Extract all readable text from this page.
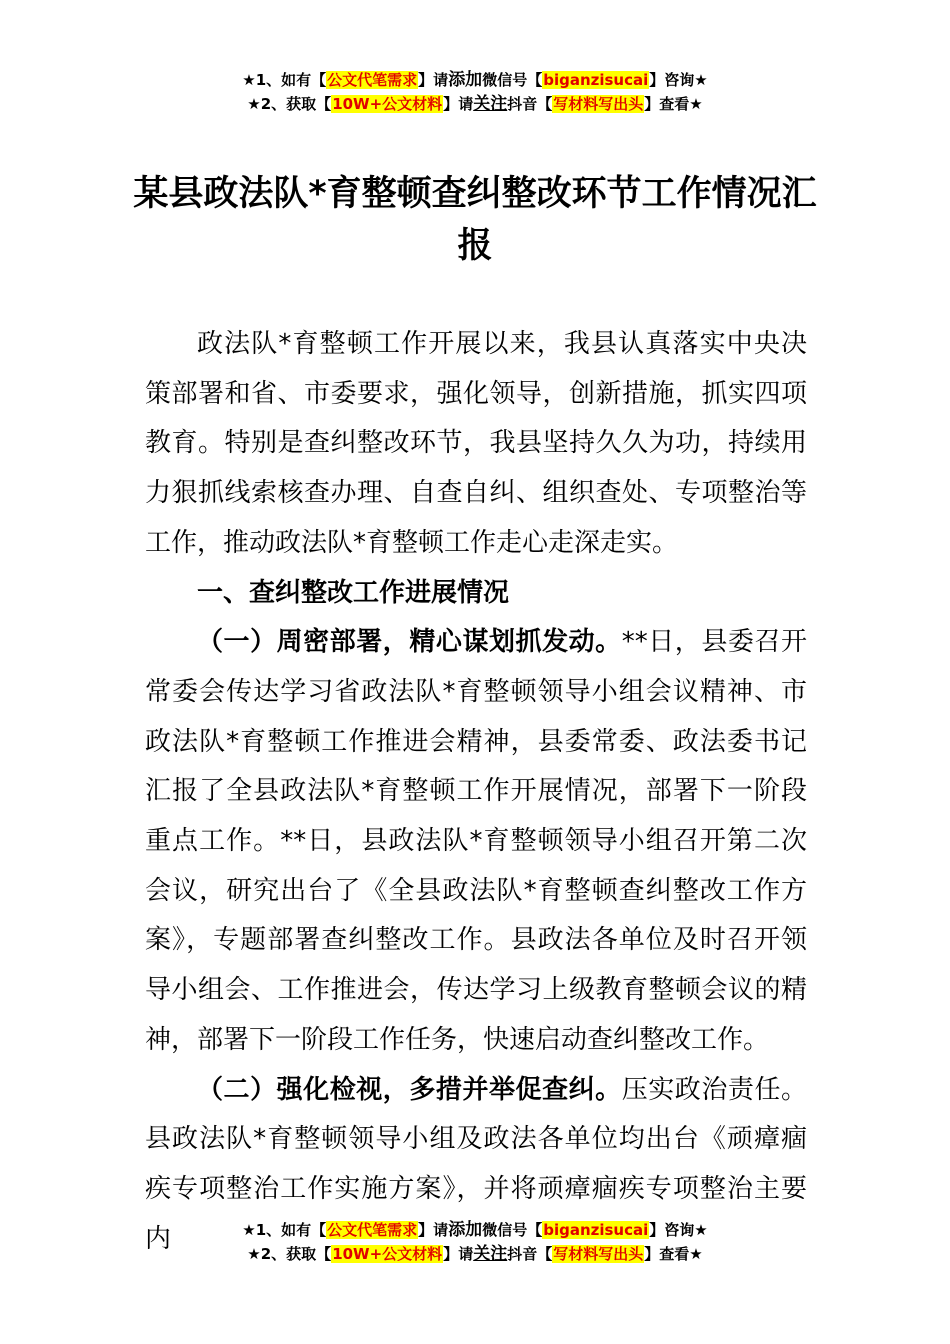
★1、如有【公文代笔需求】请添加微信号【biganzisucai】咨询★
★2、获取【10W+公文材料】请关注抖音【写材料写出头】查看★
某县政法队*育整顿查纠整改环节工作情况汇报

政法队*育整顿工作开展以来，我县认真落实中央决策部署和省、市委要求，强化领导，创新措施，抓实四项教育。特别是查纠整改环节，我县坚持久久为功，持续用力狠抓线索核查办理、自查自纠、组织查处、专项整治等工作，推动政法队*育整顿工作走心走深走实。

一、查纠整改工作进展情况

（一）周密部署，精心谋划抓发动。**日，县委召开常委会传达学习省政法队*育整顿领导小组会议精神、市政法队*育整顿工作推进会精神，县委常委、政法委书记汇报了全县政法队*育整顿工作开展情况，部署下一阶段重点工作。**日，县政法队*育整顿领导小组召开第二次会议，研究出台了《全县政法队*育整顿查纠整改工作方案》，专题部署查纠整改工作。县政法各单位及时召开领导小组会、工作推进会，传达学习上级教育整顿会议的精神，部署下一阶段工作任务，快速启动查纠整改工作。

（二）强化检视，多措并举促查纠。压实政治责任。县政法队*育整顿领导小组及政法各单位均出台《顽瘴痼疾专项整治工作实施方案》，并将顽瘴痼疾专项整治主要内	★1、如有【公文代笔需求】请添加微信号【biganzisucai】咨询★
★2、获取【10W+公文材料】请关注抖音【写材料写出头】查看★
